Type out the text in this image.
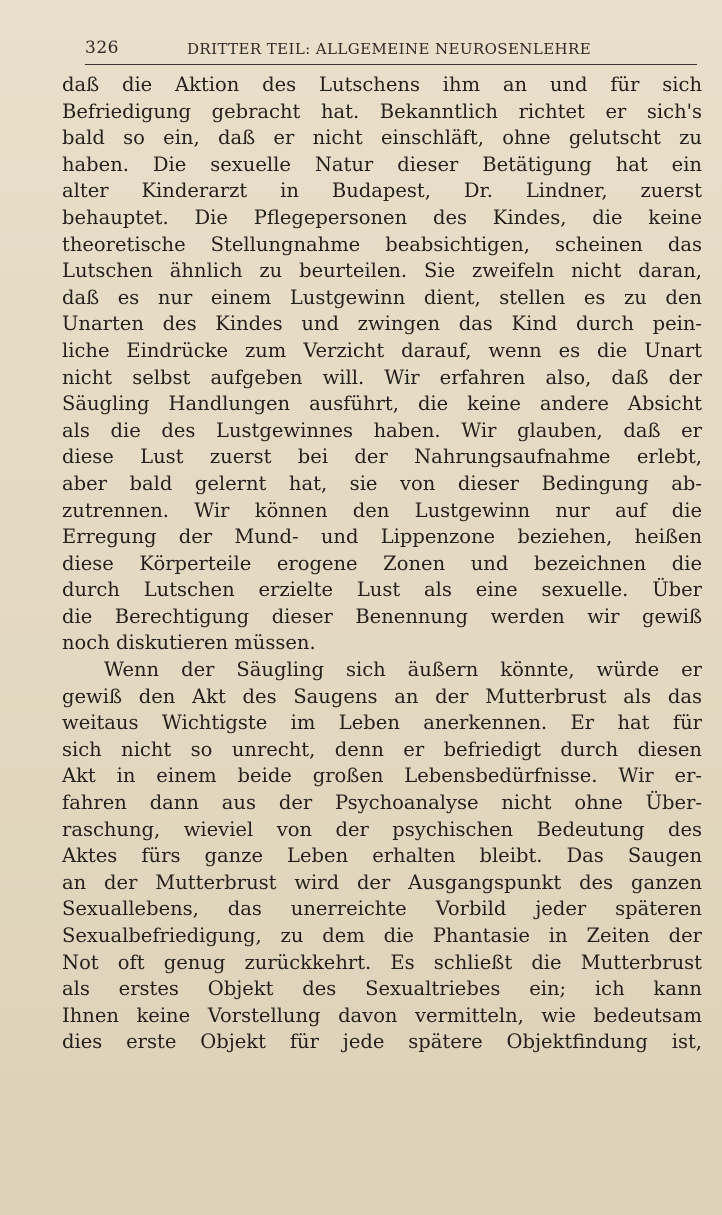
326	DRITTER TEIL: ALLGEMEINE NEUROSENLEHRE
daß die Aktion des Lutschens ihm an und für sich
Befriedigung gebracht hat. Bekanntlich richtet er sich's
bald so ein, daß er nicht einschläft, ohne gelutscht zu
haben. Die sexuelle Natur dieser Betätigung hat ein
alter Kinderarzt in Budapest, Dr. Lindner, zuerst
behauptet. Die Pflegepersonen des Kindes, die keine
theoretische Stellungnahme beabsichtigen, scheinen das
Lutschen ähnlich zu beurteilen. Sie zweifeln nicht daran,
daß es nur einem Lustgewinn dient, stellen es zu den
Unarten des Kindes und zwingen das Kind durch pein-
liche Eindrücke zum Verzicht darauf, wenn es die Unart
nicht selbst aufgeben will. Wir erfahren also, daß der
Säugling Handlungen ausführt, die keine andere Absicht
als die des Lustgewinnes haben. Wir glauben, daß er
diese Lust zuerst bei der Nahrungsaufnahme erlebt,
aber bald gelernt hat, sie von dieser Bedingung ab-
zutrennen. Wir können den Lustgewinn nur auf die
Erregung der Mund- und Lippenzone beziehen, heißen
diese Körperteile erogene Zonen und bezeichnen die
durch Lutschen erzielte Lust als eine sexuelle. Über
die Berechtigung dieser Benennung werden wir gewiß
noch diskutieren müssen.
Wenn der Säugling sich äußern könnte, würde er
gewiß den Akt des Saugens an der Mutterbrust als das
weitaus Wichtigste im Leben anerkennen. Er hat für
sich nicht so unrecht, denn er befriedigt durch diesen
Akt in einem beide großen Lebensbedürfnisse. Wir er-
fahren dann aus der Psychoanalyse nicht ohne Über-
raschung, wieviel von der psychischen Bedeutung des
Aktes fürs ganze Leben erhalten bleibt. Das Saugen
an der Mutterbrust wird der Ausgangspunkt des ganzen
Sexuallebens, das unerreichte Vorbild jeder späteren
Sexualbefriedigung, zu dem die Phantasie in Zeiten der
Not oft genug zurückkehrt. Es schließt die Mutterbrust
als erstes Objekt des Sexualtriebes ein; ich kann
Ihnen keine Vorstellung davon vermitteln, wie bedeutsam
dies erste Objekt für jede spätere Objektfindung ist,
